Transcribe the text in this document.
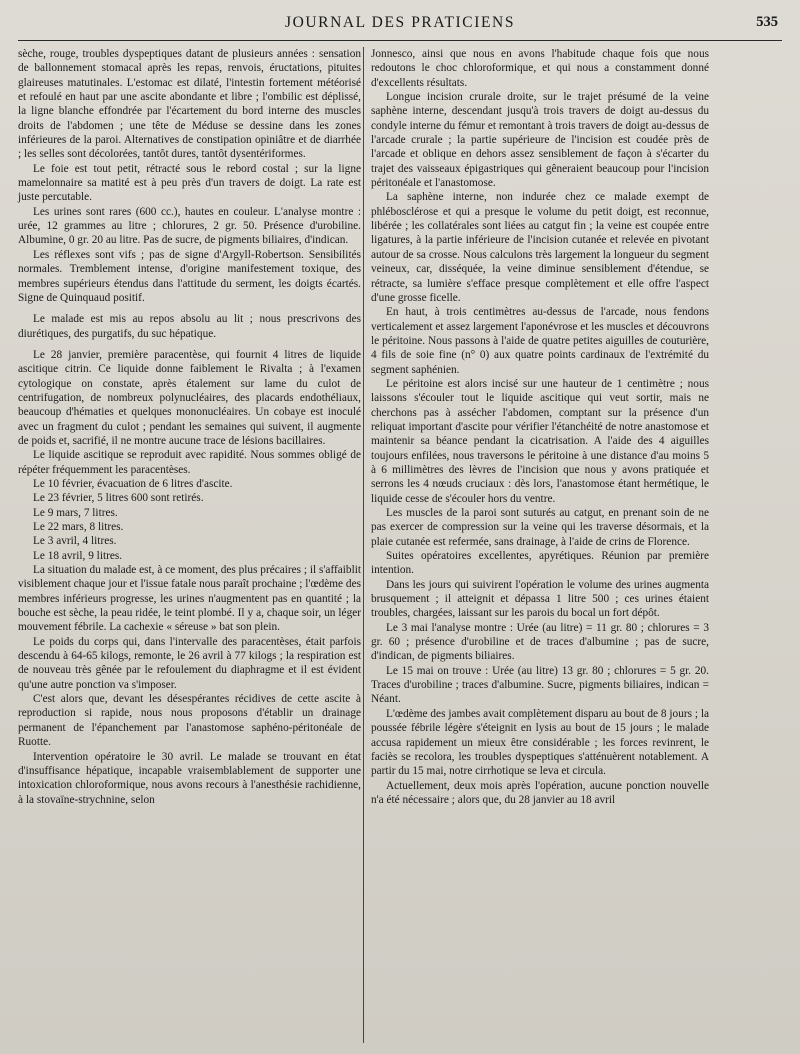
JOURNAL DES PRATICIENS	535

sèche, rouge, troubles dyspeptiques datant de plusieurs années : sensation de ballonnement stomacal après les repas, renvois, éructations, pituites glaireuses matutinales. L'estomac est dilaté, l'intestin fortement météorisé et refoulé en haut par une ascite abondante et libre ; l'ombilic est déplissé, la ligne blanche effondrée par l'écartement du bord interne des muscles droits de l'abdomen ; une tête de Méduse se dessine dans les zones inférieures de la paroi. Alternatives de constipation opiniâtre et de diarrhée ; les selles sont décolorées, tantôt dures, tantôt dysentériformes.

Le foie est tout petit, rétracté sous le rebord costal ; sur la ligne mamelonnaire sa matité est à peu près d'un travers de doigt. La rate est juste percutable.

Les urines sont rares (600 cc.), hautes en couleur. L'analyse montre : urée, 12 grammes au litre ; chlorures, 2 gr. 50. Présence d'urobiline. Albumine, 0 gr. 20 au litre. Pas de sucre, de pigments biliaires, d'indican.

Les réflexes sont vifs ; pas de signe d'Argyll-Robertson. Sensibilités normales. Tremblement intense, d'origine manifestement toxique, des membres supérieurs étendus dans l'attitude du serment, les doigts écartés. Signe de Quinquaud positif.

Le malade est mis au repos absolu au lit ; nous prescrivons des diurétiques, des purgatifs, du suc hépatique.

Le 28 janvier, première paracentèse, qui fournit 4 litres de liquide ascitique citrin. Ce liquide donne faiblement le Rivalta ; à l'examen cytologique on constate, après étalement sur lame du culot de centrifugation, de nombreux polynucléaires, des placards endothéliaux, beaucoup d'hématies et quelques mononucléaires. Un cobaye est inoculé avec un fragment du culot ; pendant les semaines qui suivent, il augmente de poids et, sacrifié, il ne montre aucune trace de lésions bacillaires.

Le liquide ascitique se reproduit avec rapidité. Nous sommes obligé de répéter fréquemment les paracentèses.

Le 10 février, évacuation de 6 litres d'ascite.

Le 23 février, 5 litres 600 sont retirés.

Le 9 mars, 7 litres.

Le 22 mars, 8 litres.

Le 3 avril, 4 litres.

Le 18 avril, 9 litres.

La situation du malade est, à ce moment, des plus précaires ; il s'affaiblit visiblement chaque jour et l'issue fatale nous paraît prochaine ; l'œdème des membres inférieurs progresse, les urines n'augmentent pas en quantité ; la bouche est sèche, la peau ridée, le teint plombé. Il y a, chaque soir, un léger mouvement fébrile. La cachexie « séreuse » bat son plein.

Le poids du corps qui, dans l'intervalle des paracentèses, était parfois descendu à 64-65 kilogs, remonte, le 26 avril à 77 kilogs ; la respiration est de nouveau très gênée par le refoulement du diaphragme et il est évident qu'une autre ponction va s'imposer.

C'est alors que, devant les désespérantes récidives de cette ascite à reproduction si rapide, nous nous proposons d'établir un drainage permanent de l'épanchement par l'anastomose saphéno-péritonéale de Ruotte.

Intervention opératoire le 30 avril. Le malade se trouvant en état d'insuffisance hépatique, incapable vraisemblablement de supporter une intoxication chloroformique, nous avons recours à l'anesthésie rachidienne, à la stovaïne-strychnine, selon

Jonnesco, ainsi que nous en avons l'habitude chaque fois que nous redoutons le choc chloroformique, et qui nous a constamment donné d'excellents résultats.

Longue incision crurale droite, sur le trajet présumé de la veine saphène interne, descendant jusqu'à trois travers de doigt au-dessus du condyle interne du fémur et remontant à trois travers de doigt au-dessus de l'arcade crurale ; la partie supérieure de l'incision est coudée près de l'arcade et oblique en dehors assez sensiblement de façon à s'écarter du trajet des vaisseaux épigastriques qui gêneraient beaucoup pour l'incision péritonéale et l'anastomose.

La saphène interne, non indurée chez ce malade exempt de phlébosclérose et qui a presque le volume du petit doigt, est reconnue, libérée ; les collatérales sont liées au catgut fin ; la veine est coupée entre ligatures, à la partie inférieure de l'incision cutanée et relevée en pivotant autour de sa crosse. Nous calculons très largement la longueur du segment veineux, car, disséquée, la veine diminue sensiblement d'étendue, se rétracte, sa lumière s'efface presque complètement et elle offre l'aspect d'une grosse ficelle.

En haut, à trois centimètres au-dessus de l'arcade, nous fendons verticalement et assez largement l'aponévrose et les muscles et découvrons le péritoine. Nous passons à l'aide de quatre petites aiguilles de couturière, 4 fils de soie fine (n° 0) aux quatre points cardinaux de l'extrémité du segment saphénien.

Le péritoine est alors incisé sur une hauteur de 1 centimètre ; nous laissons s'écouler tout le liquide ascitique qui veut sortir, mais ne cherchons pas à assécher l'abdomen, comptant sur la présence d'un reliquat important d'ascite pour vérifier l'étanchéité de notre anastomose et maintenir sa béance pendant la cicatrisation. A l'aide des 4 aiguilles toujours enfilées, nous traversons le péritoine à une distance d'au moins 5 à 6 millimètres des lèvres de l'incision que nous y avons pratiquée et serrons les 4 nœuds cruciaux : dès lors, l'anastomose étant hermétique, le liquide cesse de s'écouler hors du ventre.

Les muscles de la paroi sont suturés au catgut, en prenant soin de ne pas exercer de compression sur la veine qui les traverse désormais, et la plaie cutanée est refermée, sans drainage, à l'aide de crins de Florence.

Suites opératoires excellentes, apyrétiques. Réunion par première intention.

Dans les jours qui suivirent l'opération le volume des urines augmenta brusquement ; il atteignit et dépassa 1 litre 500 ; ces urines étaient troubles, chargées, laissant sur les parois du bocal un fort dépôt.

Le 3 mai l'analyse montre : Urée (au litre) = 11 gr. 80 ; chlorures = 3 gr. 60 ; présence d'urobiline et de traces d'albumine ; pas de sucre, d'indican, de pigments biliaires.

Le 15 mai on trouve : Urée (au litre) 13 gr. 80 ; chlorures = 5 gr. 20. Traces d'urobiline ; traces d'albumine. Sucre, pigments biliaires, indican = Néant.

L'œdème des jambes avait complètement disparu au bout de 8 jours ; la poussée fébrile légère s'éteignit en lysis au bout de 15 jours ; le malade accusa rapidement un mieux être considérable ; les forces revinrent, le faciès se recolora, les troubles dyspeptiques s'atténuèrent notablement. A partir du 15 mai, notre cirrhotique se leva et circula.

Actuellement, deux mois après l'opération, aucune ponction nouvelle n'a été nécessaire ; alors que, du 28 janvier au 18 avril
